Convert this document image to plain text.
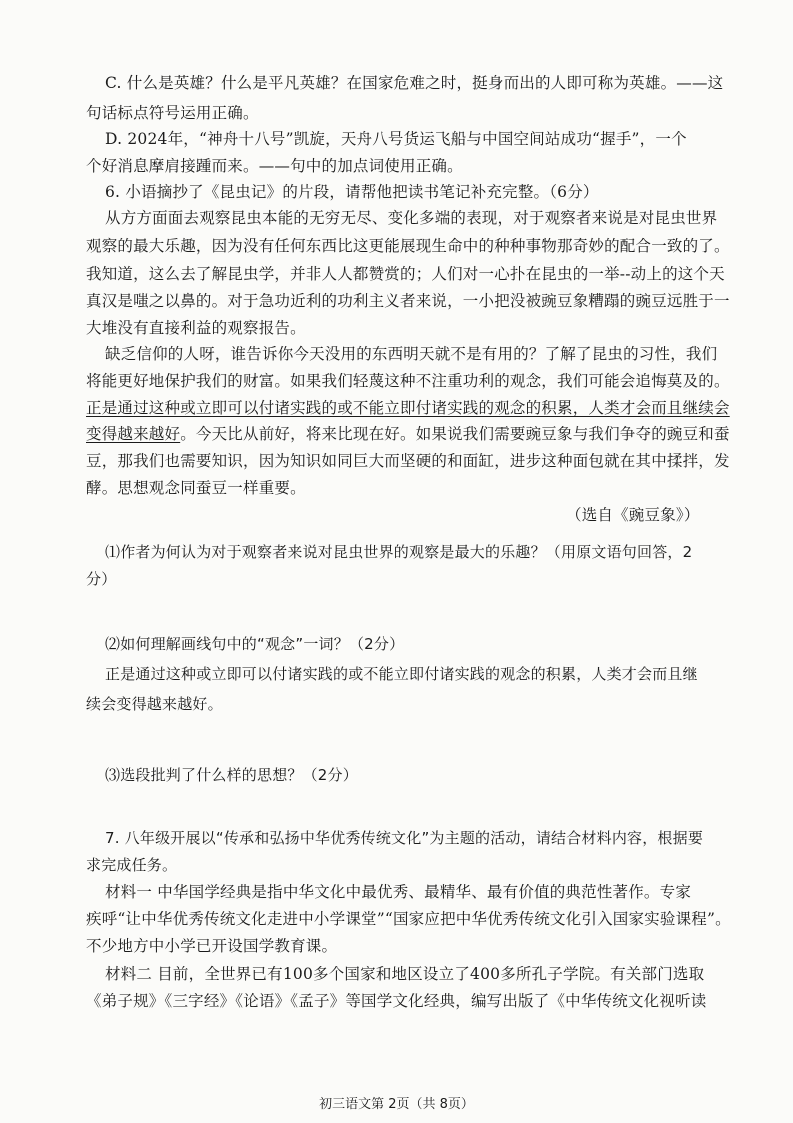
C. 什么是英雄？什么是平凡英雄？在国家危难之时，挺身而出的人即可称为英雄。——这
句话标点符号运用正确。
D. 2024年，“神舟十八号”凯旋，天舟八号货运飞船与中国空间站成功“握手”，一个
个好消息摩肩接踵而来。——句中的加点词使用正确。
6. 小语摘抄了《昆虫记》的片段，请帮他把读书笔记补充完整。（6分）
从方方面面去观察昆虫本能的无穷无尽、变化多端的表现，对于观察者来说是对昆虫世界
观察的最大乐趣，因为没有任何东西比这更能展现生命中的种种事物那奇妙的配合一致的了。
我知道，这么去了解昆虫学，并非人人都赞赏的；人们对一心扑在昆虫的一举--动上的这个天
真汉是嗤之以鼻的。对于急功近利的功利主义者来说，一小把没被豌豆象糟蹋的豌豆远胜于一
大堆没有直接利益的观察报告。
缺乏信仰的人呀，谁告诉你今天没用的东西明天就不是有用的？了解了昆虫的习性，我们
将能更好地保护我们的财富。如果我们轻蔑这种不注重功利的观念，我们可能会追悔莫及的。
正是通过这种或立即可以付诸实践的或不能立即付诸实践的观念的积累，人类才会而且继续会
变得越来越好。今天比从前好，将来比现在好。如果说我们需要豌豆象与我们争夺的豌豆和蚕
豆，那我们也需要知识，因为知识如同巨大而坚硬的和面缸，进步这种面包就在其中揉拌，发
酵。思想观念同蚕豆一样重要。
（选自《豌豆象》）
⑴作者为何认为对于观察者来说对昆虫世界的观察是最大的乐趣？（用原文语句回答，2
分）
⑵如何理解画线句中的“观念”一词？（2分）
正是通过这种或立即可以付诸实践的或不能立即付诸实践的观念的积累，人类才会而且继
续会变得越来越好。
⑶选段批判了什么样的思想？（2分）
7. 八年级开展以“传承和弘扬中华优秀传统文化”为主题的活动，请结合材料内容，根据要
求完成任务。
材料一 中华国学经典是指中华文化中最优秀、最精华、最有价值的典范性著作。专家
疾呼“让中华优秀传统文化走进中小学课堂”“国家应把中华优秀传统文化引入国家实验课程”。
不少地方中小学已开设国学教育课。
材料二 目前，全世界已有100多个国家和地区设立了400多所孔子学院。有关部门选取
《弟子规》《三字经》《论语》《孟子》等国学文化经典，编写出版了《中华传统文化视听读
初三语文第 2页（共 8页）
